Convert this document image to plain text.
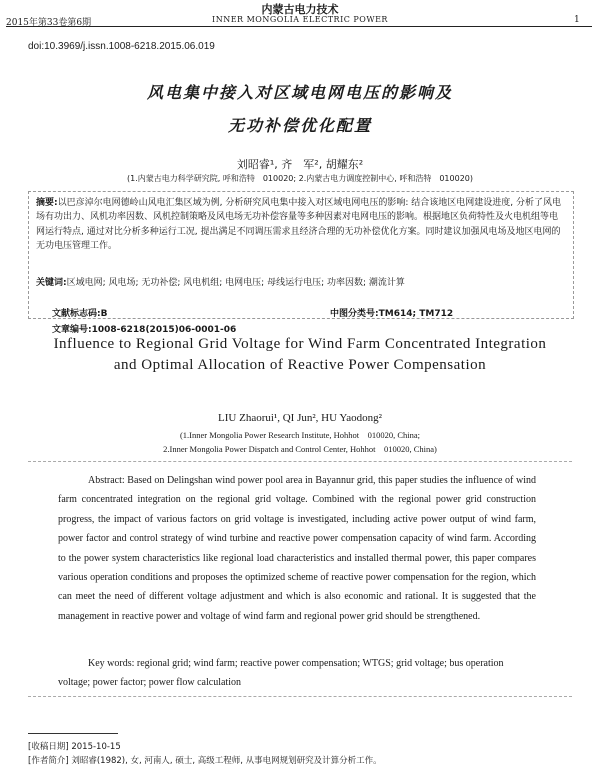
内蒙古电力技术
2015年第33卷第6期	INNER MONGOLIA ELECTRIC POWER	1
doi:10.3969/j.issn.1008-6218.2015.06.019
风电集中接入对区域电网电压的影响及
无功补偿优化配置
刘昭睿¹, 齐　军², 胡耀东²
(1.内蒙古电力科学研究院, 呼和浩特　010020; 2.内蒙古电力调度控制中心, 呼和浩特　010020)
摘要:以巴彦淖尔电网德岭山风电汇集区域为例, 分析研究风电集中接入对区域电网电压的影响: 结合该地区电网建设进度, 分析了风电场有功出力、风机功率因数、风机控制策略及风电场无功补偿容量等多种因素对电网电压的影响。根据地区负荷特性及火电机组等电网运行特点, 通过对比分析多种运行工况, 提出满足不同调压需求且经济合理的无功补偿优化方案。同时建议加强风电场及地区电网的无功电压管理工作。
关键词:区域电网; 风电场; 无功补偿; 风电机组; 电网电压; 母线运行电压; 功率因数; 潮流计算
文献标志码:B	中图分类号:TM614; TM712
文章编号:1008-6218(2015)06-0001-06
Influence to Regional Grid Voltage for Wind Farm Concentrated Integration
and Optimal Allocation of Reactive Power Compensation
LIU Zhaorui¹, QI Jun², HU Yaodong²
(1.Inner Mongolia Power Research Institute, Hohhot　010020, China;
2.Inner Mongolia Power Dispatch and Control Center, Hohhot　010020, China)
Abstract: Based on Delingshan wind power pool area in Bayannur grid, this paper studies the influence of wind farm concentrated integration on the regional grid voltage. Combined with the regional power grid construction progress, the impact of various factors on grid voltage is investigated, including active power output of wind farm, power factor and control strategy of wind turbine and reactive power compensation capacity of wind farm. According to the power system characteristics like regional load characteristics and installed thermal power, this paper compares various operation conditions and proposes the optimized scheme of reactive power compensation for the region, which can meet the need of different voltage adjustment and which is also economic and rational. It is suggested that the management in reactive power and voltage of wind farm and regional power grid should be strengthened.
Key words: regional grid; wind farm; reactive power compensation; WTGS; grid voltage; bus operation voltage; power factor; power flow calculation
[收稿日期] 2015-10-15
[作者简介] 刘昭睿(1982), 女, 河南人, 硕士, 高级工程师, 从事电网规划研究及计算分析工作。
